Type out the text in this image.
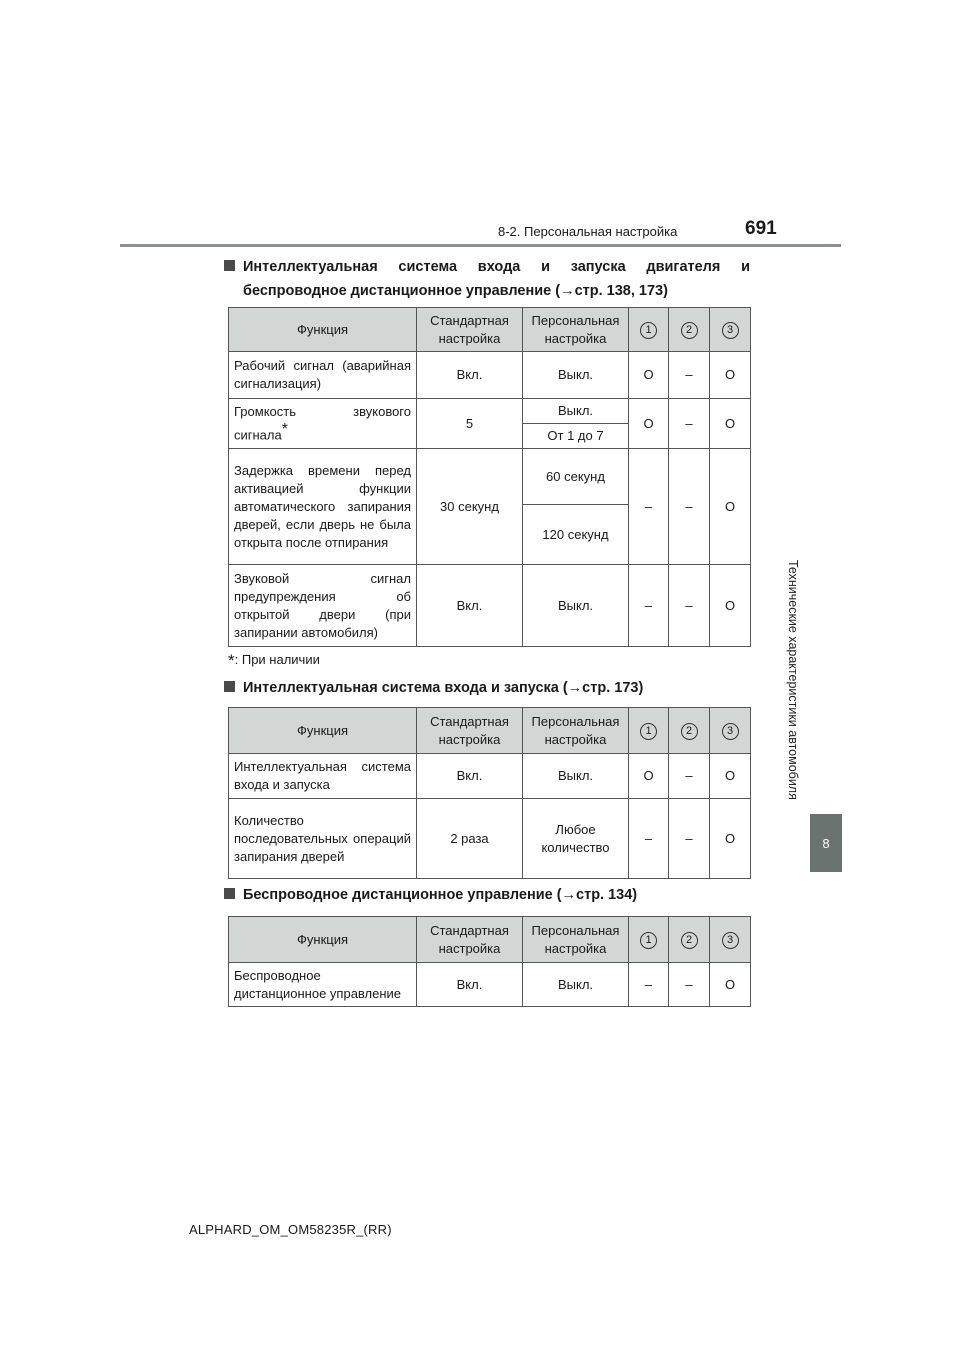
8-2. Персональная настройка	691
Технические характеристики автомобиля
8
Интеллектуальная система входа и запуска двигателя и
беспроводное дистанционное управление (→стр. 138, 173)
Функция	Стандартная настройка	Персональная настройка	1	2	3
Рабочий сигнал (аварийная сигнализация)	Вкл.	Выкл.	O	–	O
Громкость звукового сигнала*	5	Выкл.	O	–	O
		От 1 до 7			
Задержка времени перед активацией функции автоматического запирания дверей, если дверь не была открыта после отпирания	30 секунд	60 секунд	–	–	O
		120 секунд			
Звуковой сигнал предупреждения об открытой двери (при запирании автомобиля)	Вкл.	Выкл.	–	–	O
*: При наличии
Интеллектуальная система входа и запуска (→стр. 173)
Функция	Стандартная настройка	Персональная настройка	1	2	3
Интеллектуальная система входа и запуска	Вкл.	Выкл.	O	–	O
Количество последовательных операций запирания дверей	2 раза	Любое количество	–	–	O
Беспроводное дистанционное управление (→стр. 134)
Функция	Стандартная настройка	Персональная настройка	1	2	3
Беспроводное дистанционное управление	Вкл.	Выкл.	–	–	O
ALPHARD_OM_OM58235R_(RR)
